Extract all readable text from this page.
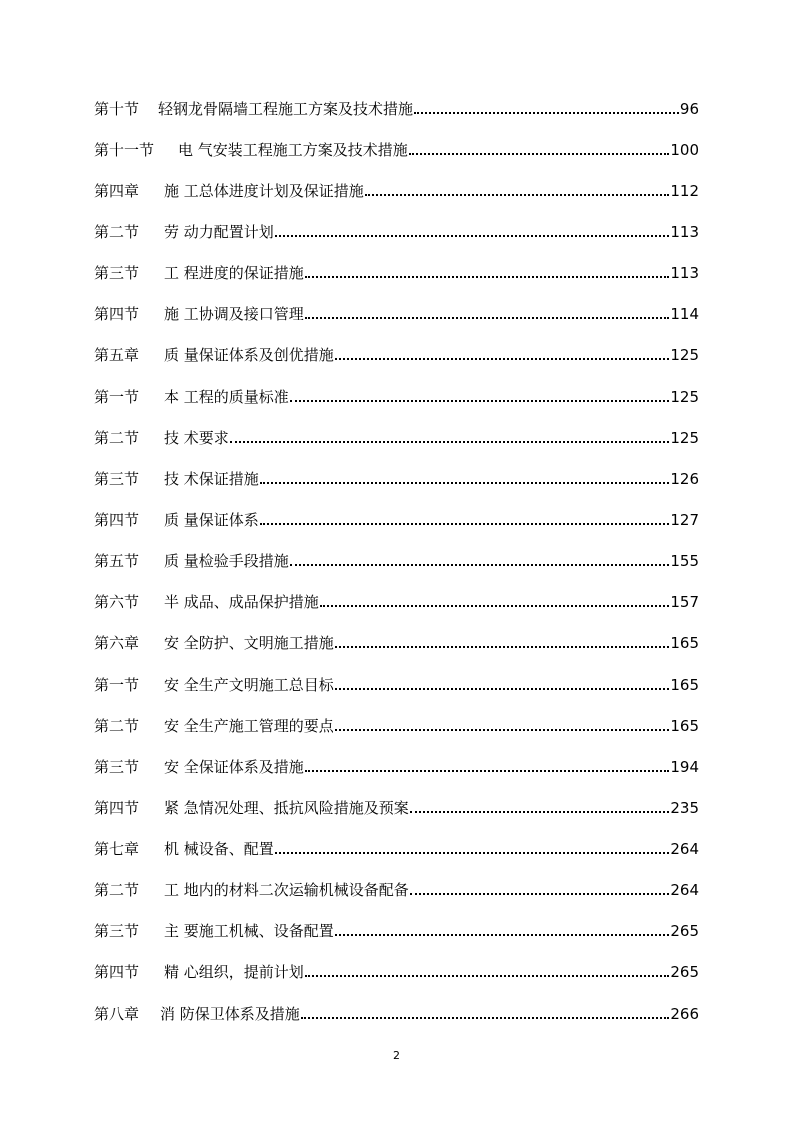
第十节	轻钢龙骨隔墙工程施工方案及技术措施	96
第十一节	电 气安装工程施工方案及技术措施	100
第四章	施 工总体进度计划及保证措施	112
第二节	劳 动力配置计划	113
第三节	工 程进度的保证措施	113
第四节	施 工协调及接口管理	114
第五章	质 量保证体系及创优措施	125
第一节	本 工程的质量标准	125
第二节	技 术要求	125
第三节	技 术保证措施	126
第四节	质 量保证体系	127
第五节	质 量检验手段措施	155
第六节	半 成品、成品保护措施	157
第六章	安 全防护、文明施工措施	165
第一节	安 全生产文明施工总目标	165
第二节	安 全生产施工管理的要点	165
第三节	安 全保证体系及措施	194
第四节	紧 急情况处理、抵抗风险措施及预案	235
第七章	机 械设备、配置	264
第二节	工 地内的材料二次运输机械设备配备	264
第三节	主 要施工机械、设备配置	265
第四节	精 心组织，提前计划	265
第八章	消 防保卫体系及措施	266
2
